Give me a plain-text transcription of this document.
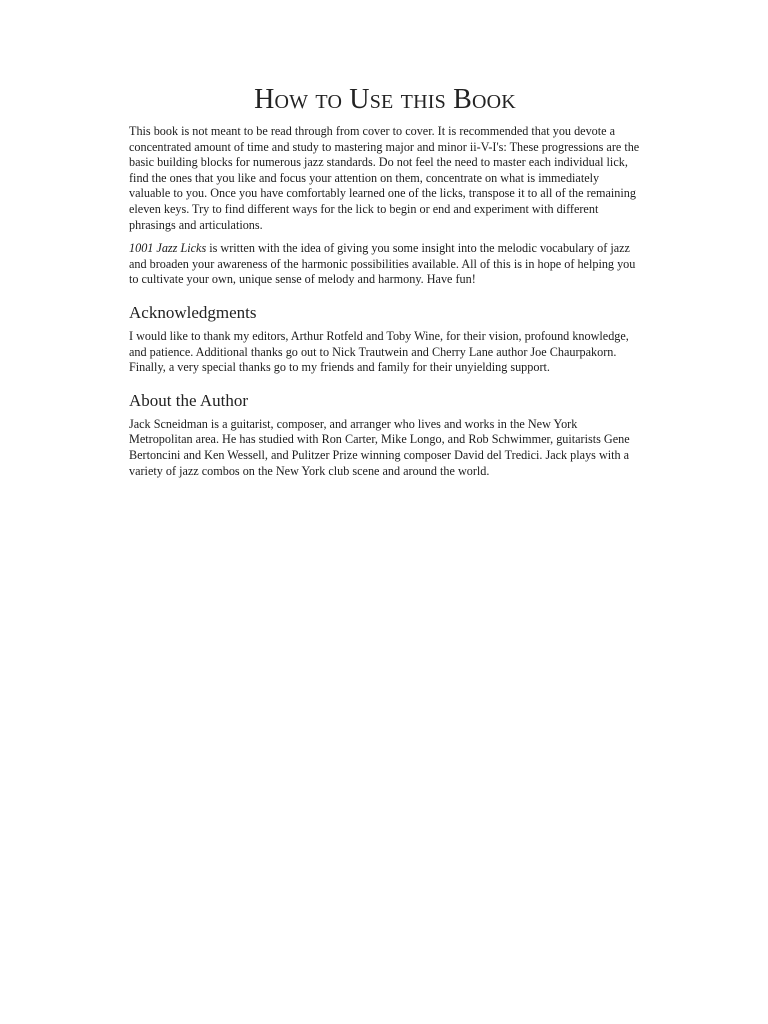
How to Use this Book

This book is not meant to be read through from cover to cover. It is recommended that you devote a concentrated amount of time and study to mastering major and minor ii-V-I's: These progressions are the basic building blocks for numerous jazz standards. Do not feel the need to master each individual lick, find the ones that you like and focus your attention on them, concentrate on what is immediately valuable to you. Once you have comfortably learned one of the licks, transpose it to all of the remaining eleven keys. Try to find different ways for the lick to begin or end and experiment with different phrasings and articulations.

1001 Jazz Licks is written with the idea of giving you some insight into the melodic vocabulary of jazz and broaden your awareness of the harmonic possibilities available. All of this is in hope of helping you to cultivate your own, unique sense of melody and harmony. Have fun!

Acknowledgments

I would like to thank my editors, Arthur Rotfeld and Toby Wine, for their vision, profound knowledge, and patience. Additional thanks go out to Nick Trautwein and Cherry Lane author Joe Chaurpakorn. Finally, a very special thanks go to my friends and family for their unyielding support.

About the Author

Jack Scneidman is a guitarist, composer, and arranger who lives and works in the New York Metropolitan area. He has studied with Ron Carter, Mike Longo, and Rob Schwimmer, guitarists Gene Bertoncini and Ken Wessell, and Pulitzer Prize winning composer David del Tredici. Jack plays with a variety of jazz combos on the New York club scene and around the world.
